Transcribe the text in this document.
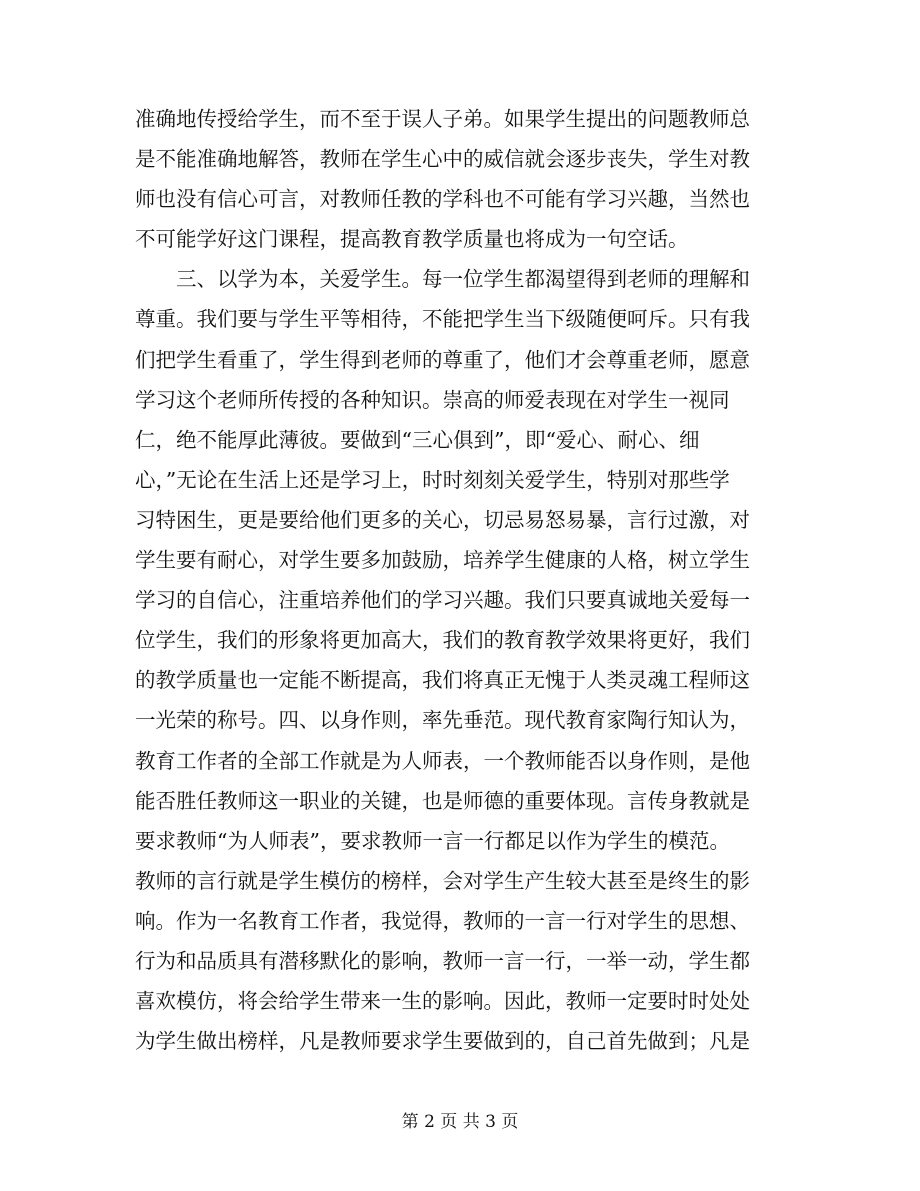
准确地传授给学生，而不至于误人子弟。如果学生提出的问题教师总
是不能准确地解答，教师在学生心中的威信就会逐步丧失，学生对教
师也没有信心可言，对教师任教的学科也不可能有学习兴趣，当然也
不可能学好这门课程，提高教育教学质量也将成为一句空话。
三、以学为本，关爱学生。每一位学生都渴望得到老师的理解和
尊重。我们要与学生平等相待，不能把学生当下级随便呵斥。只有我
们把学生看重了，学生得到老师的尊重了，他们才会尊重老师，愿意
学习这个老师所传授的各种知识。崇高的师爱表现在对学生一视同
仁，绝不能厚此薄彼。要做到“三心俱到”，即“爱心、耐心、细
心，”无论在生活上还是学习上，时时刻刻关爱学生，特别对那些学
习特困生，更是要给他们更多的关心，切忌易怒易暴，言行过激，对
学生要有耐心，对学生要多加鼓励，培养学生健康的人格，树立学生
学习的自信心，注重培养他们的学习兴趣。我们只要真诚地关爱每一
位学生，我们的形象将更加高大，我们的教育教学效果将更好，我们
的教学质量也一定能不断提高，我们将真正无愧于人类灵魂工程师这
一光荣的称号。四、以身作则，率先垂范。现代教育家陶行知认为，
教育工作者的全部工作就是为人师表，一个教师能否以身作则，是他
能否胜任教师这一职业的关键，也是师德的重要体现。言传身教就是
要求教师“为人师表”，要求教师一言一行都足以作为学生的模范。
教师的言行就是学生模仿的榜样，会对学生产生较大甚至是终生的影
响。作为一名教育工作者，我觉得，教师的一言一行对学生的思想、
行为和品质具有潜移默化的影响，教师一言一行，一举一动，学生都
喜欢模仿，将会给学生带来一生的影响。因此，教师一定要时时处处
为学生做出榜样，凡是教师要求学生要做到的，自己首先做到；凡是
第 2 页 共 3 页
